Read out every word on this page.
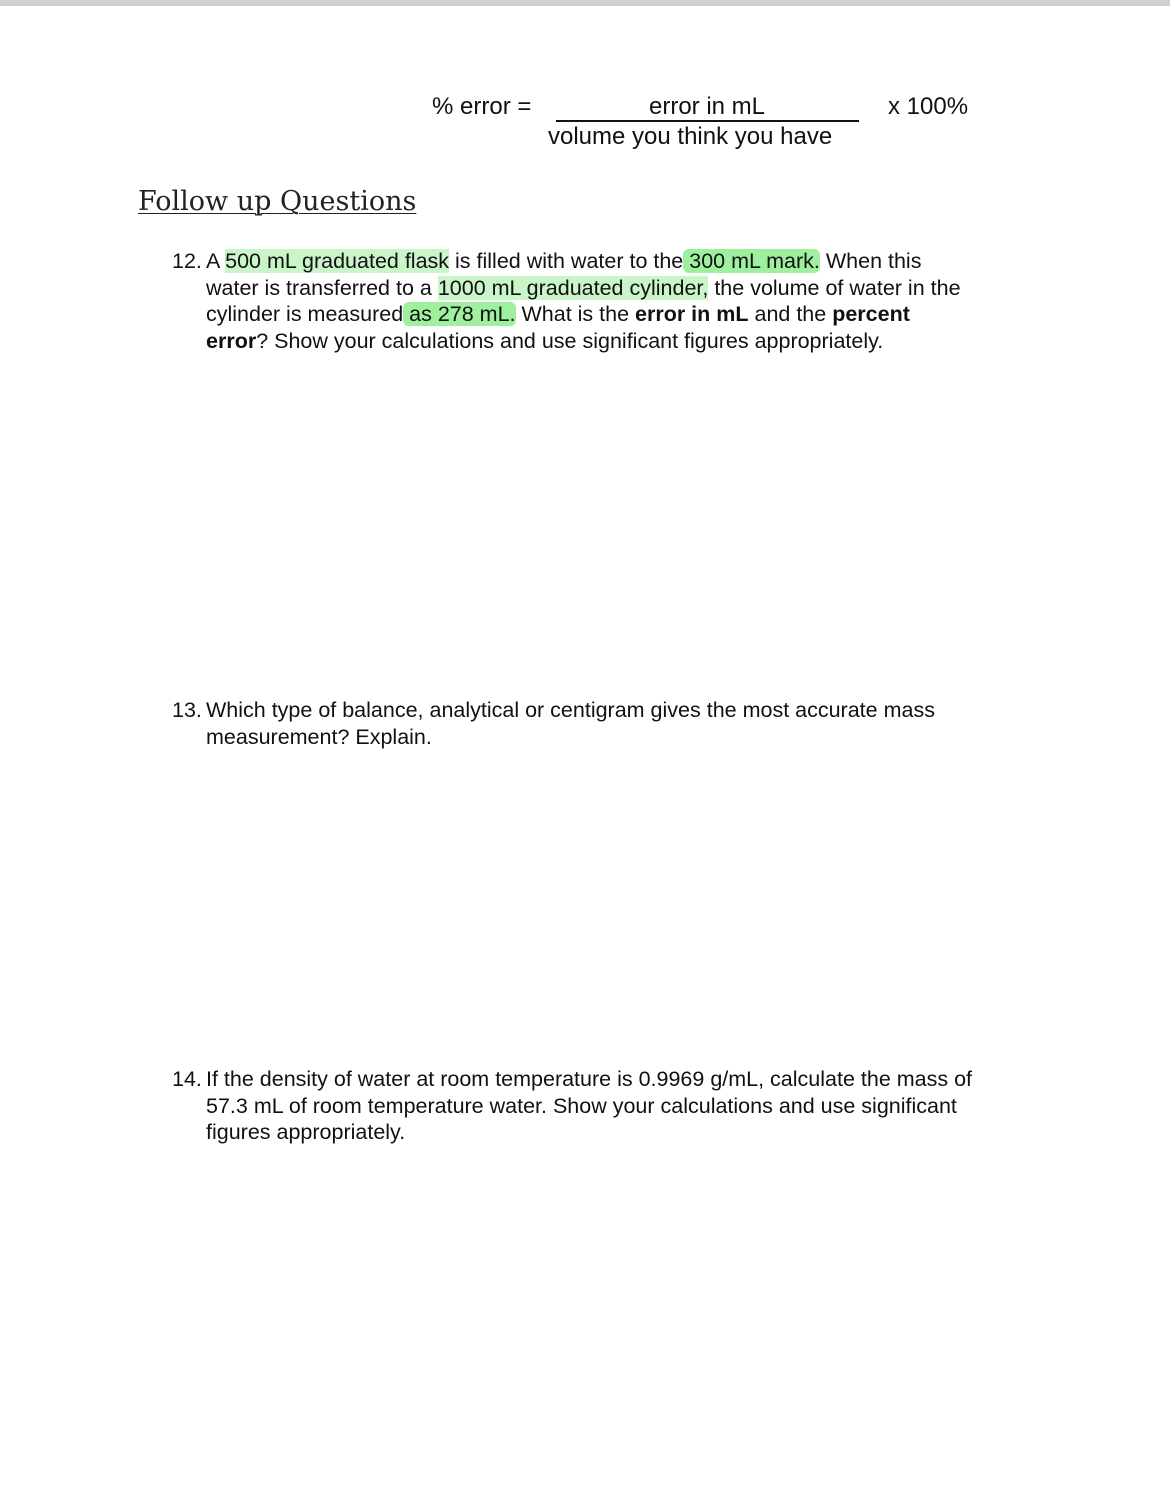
% error =	error in mL
volume you think you have
x 100%
Follow up Questions
12. A 500 mL graduated flask is filled with water to the 300 mL mark. When this
water is transferred to a 1000 mL graduated cylinder, the volume of water in the
cylinder is measured as 278 mL. What is the error in mL and the percent
error? Show your calculations and use significant figures appropriately.
13. Which type of balance, analytical or centigram gives the most accurate mass
measurement? Explain.
14. If the density of water at room temperature is 0.9969 g/mL, calculate the mass of
57.3 mL of room temperature water. Show your calculations and use significant
figures appropriately.
